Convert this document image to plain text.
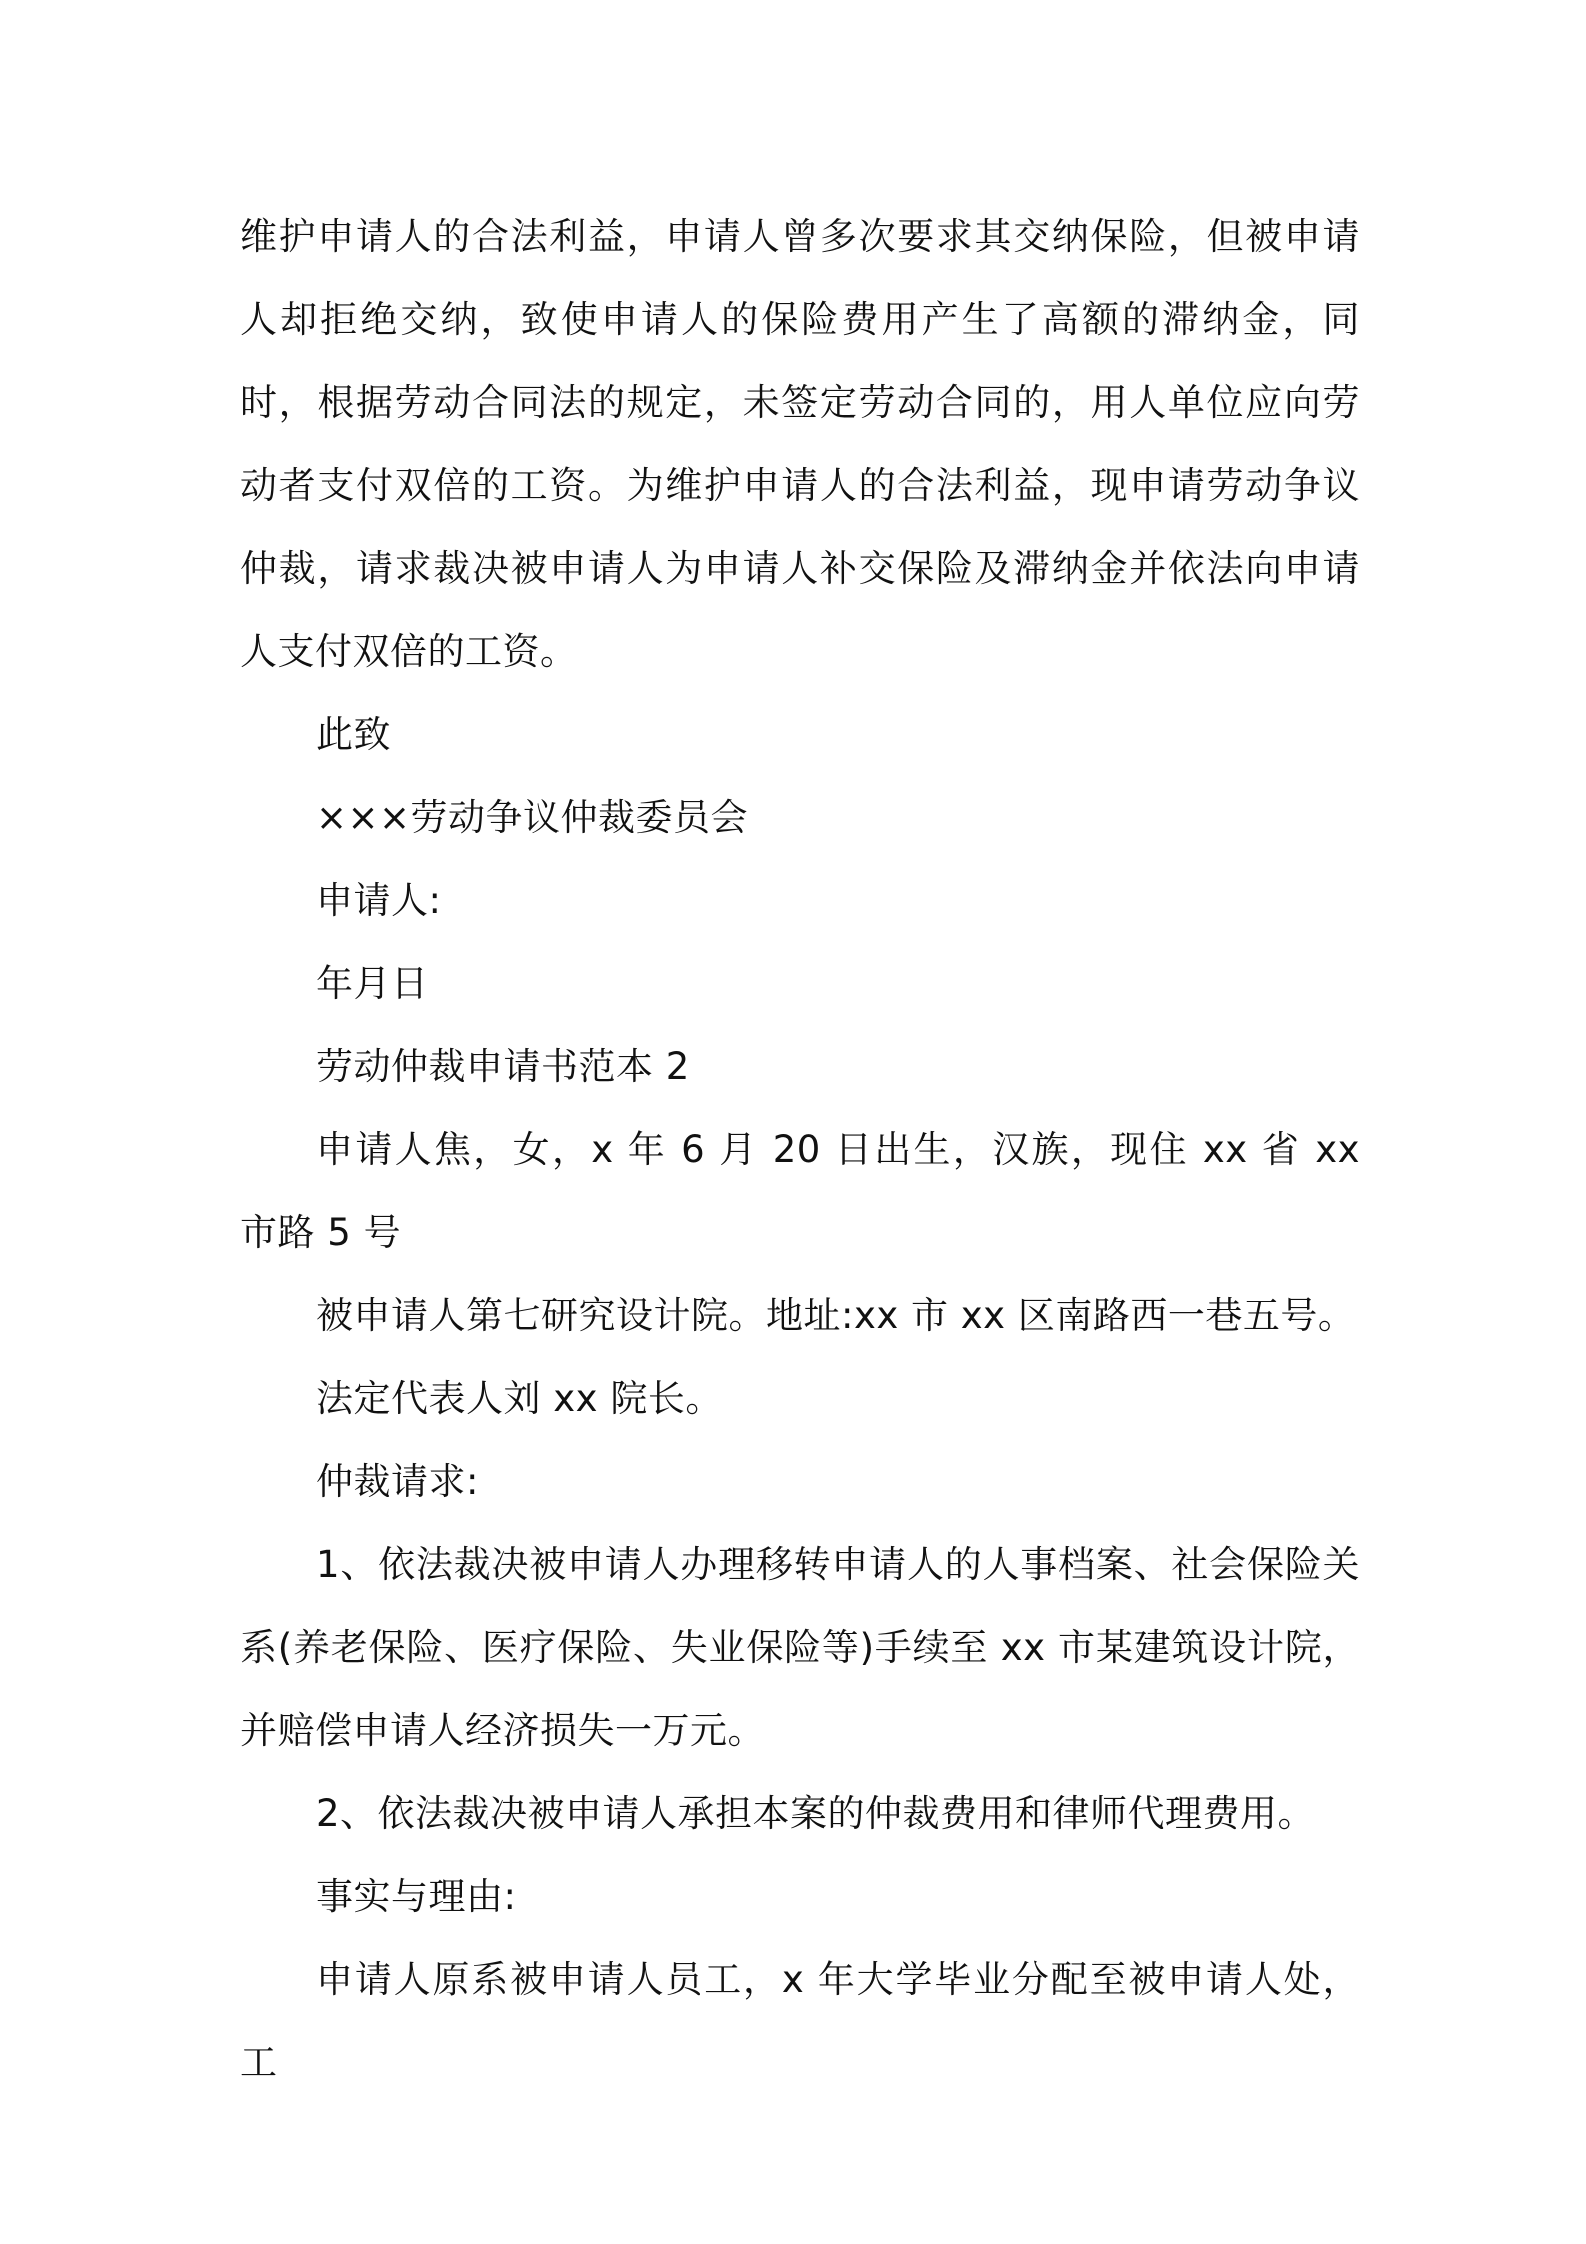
维护申请人的合法利益，申请人曾多次要求其交纳保险，但被申请人却拒绝交纳，致使申请人的保险费用产生了高额的滞纳金，同时，根据劳动合同法的规定，未签定劳动合同的，用人单位应向劳动者支付双倍的工资。为维护申请人的合法利益，现申请劳动争议仲裁，请求裁决被申请人为申请人补交保险及滞纳金并依法向申请人支付双倍的工资。

此致

×××劳动争议仲裁委员会

申请人:

年月日

劳动仲裁申请书范本 2

申请人焦，女，x 年 6 月 20 日出生，汉族，现住 xx 省 xx 市路 5 号

被申请人第七研究设计院。地址:xx 市 xx 区南路西一巷五号。

法定代表人刘 xx 院长。

仲裁请求:

1、依法裁决被申请人办理移转申请人的人事档案、社会保险关系(养老保险、医疗保险、失业保险等)手续至 xx 市某建筑设计院，并赔偿申请人经济损失一万元。

2、依法裁决被申请人承担本案的仲裁费用和律师代理费用。

事实与理由:

申请人原系被申请人员工，x 年大学毕业分配至被申请人处，工
